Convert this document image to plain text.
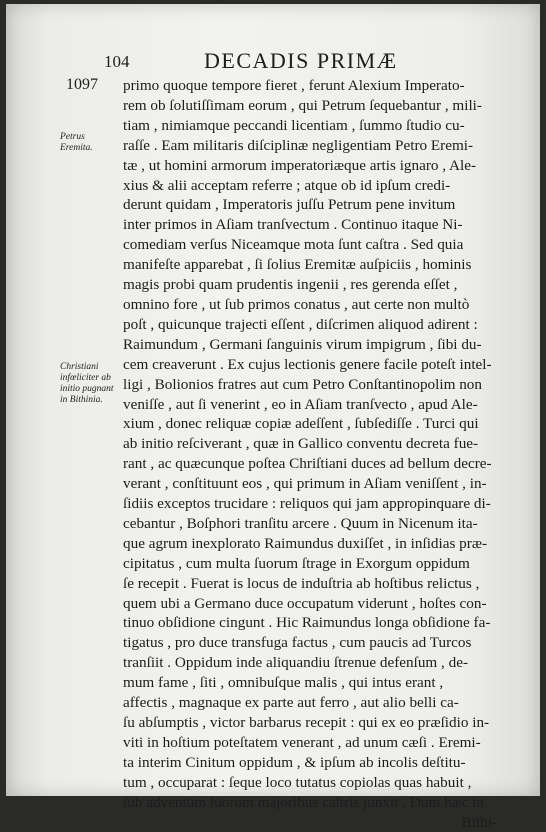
104	DECADIS PRIMÆ
1097
Petrus Eremita.
Christiani infœliciter ab initio pugnant in Bithinia.
primo quoque tempore fieret , ferunt Alexium Imperato-
rem ob ſolutiſſimam eorum , qui Petrum ſequebantur , mili-
tiam , nimiamque peccandi licentiam , ſummo ſtudio cu-
raſſe . Eam militaris diſciplinæ negligentiam Petro Eremi-
tæ , ut homini armorum imperatoriæque artis ignaro , Ale-
xius & alii acceptam referre ; atque ob id ipſum credi-
derunt quidam , Imperatoris juſſu Petrum pene invitum
inter primos in Aſiam tranſvectum . Continuo itaque Ni-
comediam verſus Niceamque mota ſunt caſtra . Sed quia
manifeſte apparebat , ſi ſolius Eremitæ auſpiciis , hominis
magis probi quam prudentis ingenii , res gerenda eſſet ,
omnino fore , ut ſub primos conatus , aut certe non multò
poſt , quicunque trajecti eſſent , diſcrimen aliquod adirent :
Raimundum , Germani ſanguinis virum impigrum , ſibi du-
cem creaverunt . Ex cujus lectionis genere facile poteſt intel-
ligi , Bolionios fratres aut cum Petro Conſtantinopolim non
veniſſe , aut ſi venerint , eo in Aſiam tranſvecto , apud Ale-
xium , donec reliquæ copiæ adeſſent , ſubſediſſe . Turci qui
ab initio reſciverant , quæ in Gallico conventu decreta fue-
rant , ac quæcunque poſtea Chriſtiani duces ad bellum decre-
verant , conſtituunt eos , qui primum in Aſiam veniſſent , in-
ſidiis exceptos trucidare : reliquos qui jam appropinquare di-
cebantur , Boſphori tranſitu arcere . Quum in Nicenum ita-
que agrum inexplorato Raimundus duxiſſet , in inſidias præ-
cipitatus , cum multa ſuorum ſtrage in Exorgum oppidum
ſe recepit . Fuerat is locus de induſtria ab hoſtibus relictus ,
quem ubi a Germano duce occupatum viderunt , hoſtes con-
tinuo obſidione cingunt . Hic Raimundus longa obſidione fa-
tigatus , pro duce transfuga factus , cum paucis ad Turcos
tranſiit . Oppidum inde aliquandiu ſtrenue defenſum , de-
mum fame , ſiti , omnibuſque malis , qui intus erant ,
affectis , magnaque ex parte aut ferro , aut alio belli ca-
ſu abſumptis , victor barbarus recepit : qui ex eo præſidio in-
viti in hoſtium poteſtatem venerant , ad unum cæſi . Eremi-
ta interim Cinitum oppidum , & ipſum ab incolis deſtitu-
tum , occuparat : ſeque loco tutatus copiolas quas habuit ,
ſub adventum ſuorum majoribus caſtris junxit . Dum hæc in
Bithi-
